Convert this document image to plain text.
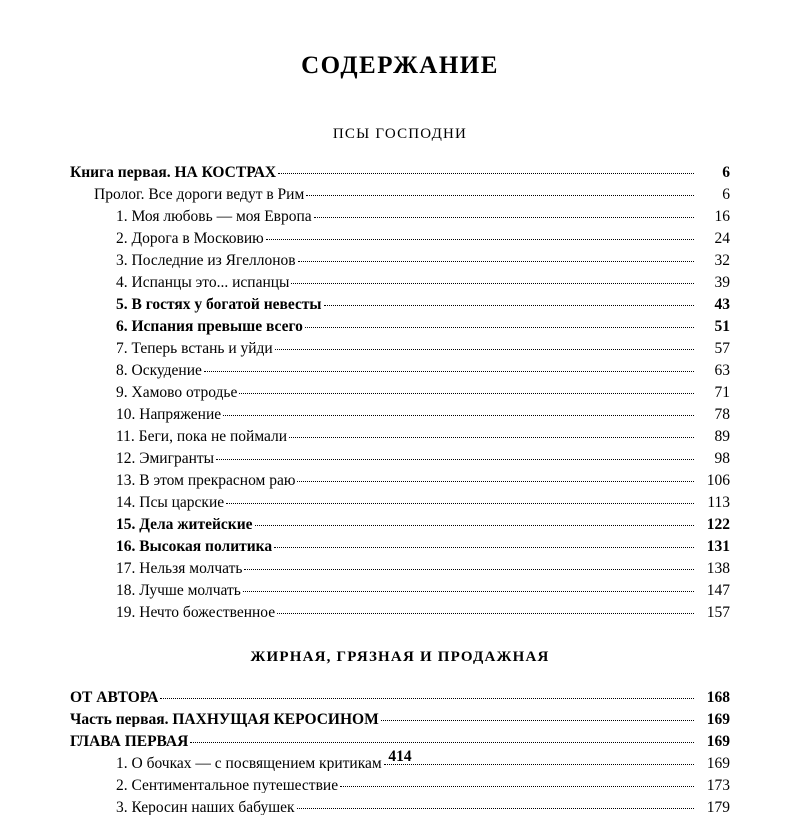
СОДЕРЖАНИЕ
ПСЫ ГОСПОДНИ
Книга первая. НА КОСТРАХ	6
Пролог. Все дороги ведут в Рим	6
1. Моя любовь — моя Европа	16
2. Дорога в Московию	24
3. Последние из Ягеллонов	32
4. Испанцы это... испанцы	39
5. В гостях у богатой невесты	43
6. Испания превыше всего	51
7. Теперь встань и уйди	57
8. Оскудение	63
9. Хамово отродье	71
10. Напряжение	78
11. Беги, пока не поймали	89
12. Эмигранты	98
13. В этом прекрасном раю	106
14. Псы царские	113
15. Дела житейские	122
16. Высокая политика	131
17. Нельзя молчать	138
18. Лучше молчать	147
19. Нечто божественное	157
ЖИРНАЯ, ГРЯЗНАЯ И ПРОДАЖНАЯ
ОТ АВТОРА	168
Часть первая. ПАХНУЩАЯ КЕРОСИНОМ	169
ГЛАВА ПЕРВАЯ	169
1. О бочках — с посвящением критикам	169
2. Сентиментальное путешествие	173
3. Керосин наших бабушек	179
414
